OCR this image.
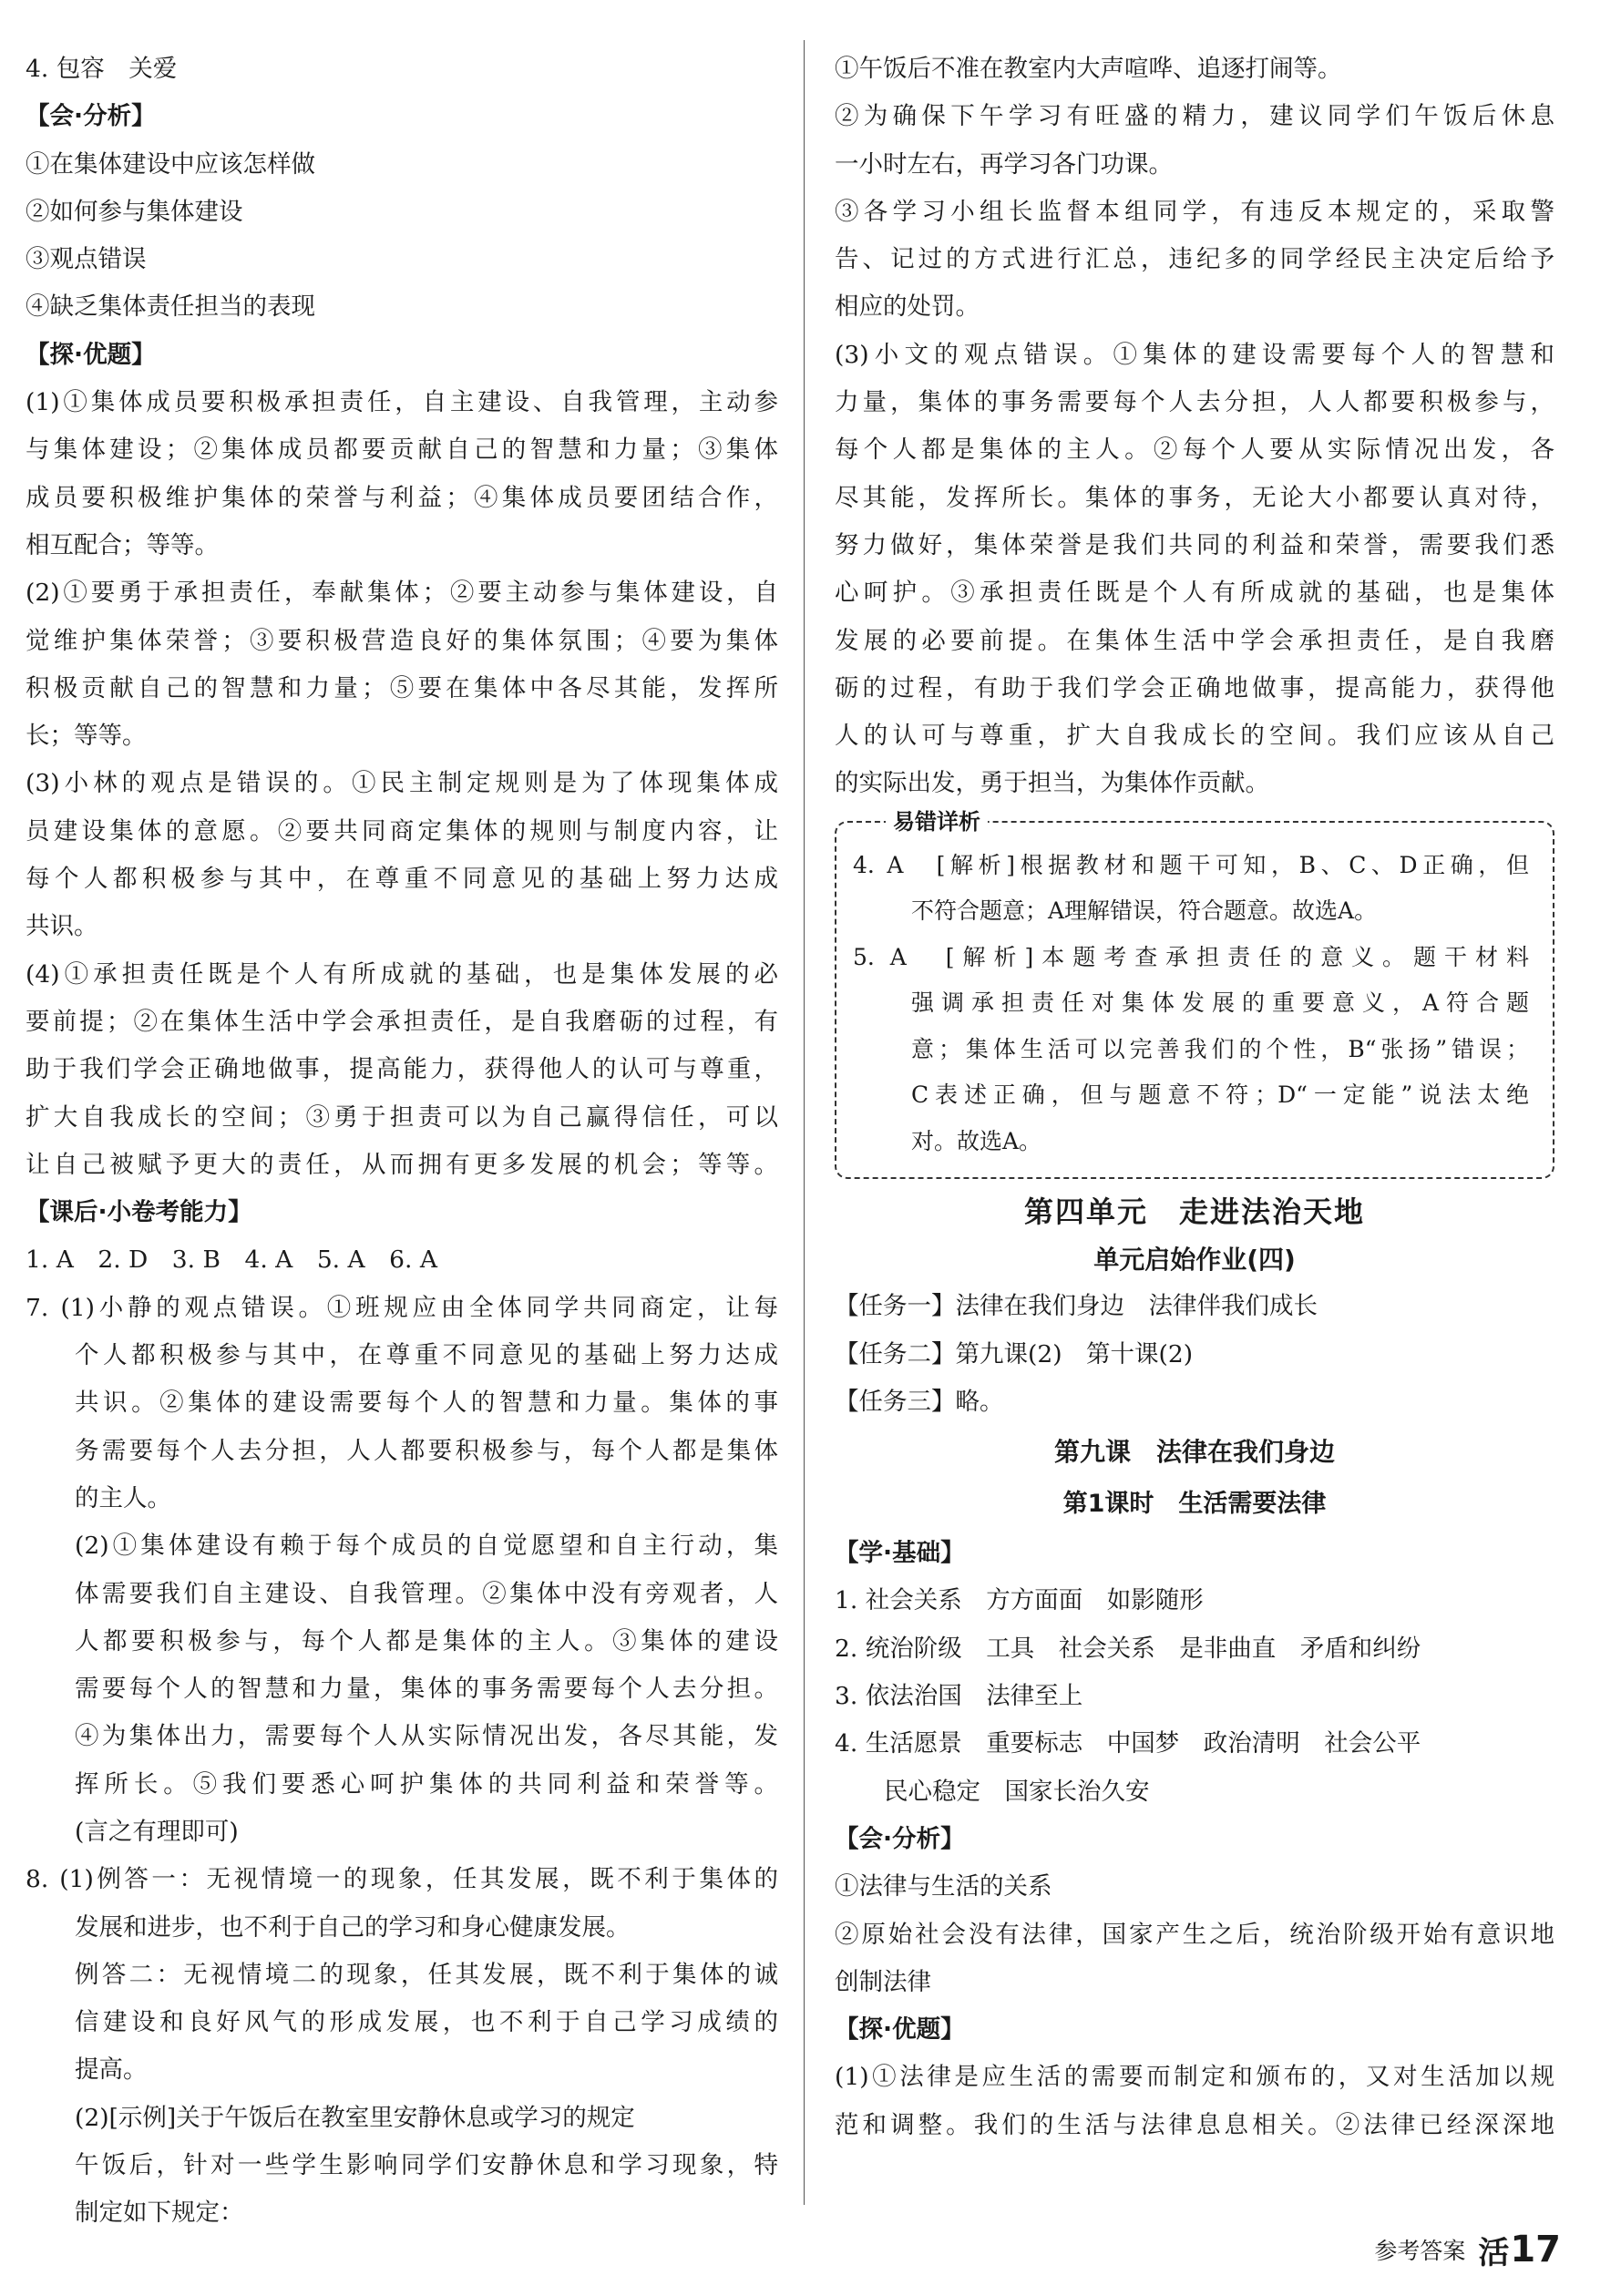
4. 包容　关爱
【会·分析】
①在集体建设中应该怎样做
②如何参与集体建设
③观点错误
④缺乏集体责任担当的表现
【探·优题】
(1)①集体成员要积极承担责任，自主建设、自我管理，主动参
与集体建设；②集体成员都要贡献自己的智慧和力量；③集体
成员要积极维护集体的荣誉与利益；④集体成员要团结合作，
相互配合；等等。
(2)①要勇于承担责任，奉献集体；②要主动参与集体建设，自
觉维护集体荣誉；③要积极营造良好的集体氛围；④要为集体
积极贡献自己的智慧和力量；⑤要在集体中各尽其能，发挥所
长；等等。
(3)小林的观点是错误的。①民主制定规则是为了体现集体成
员建设集体的意愿。②要共同商定集体的规则与制度内容，让
每个人都积极参与其中，在尊重不同意见的基础上努力达成
共识。
(4)①承担责任既是个人有所成就的基础，也是集体发展的必
要前提；②在集体生活中学会承担责任，是自我磨砺的过程，有
助于我们学会正确地做事，提高能力，获得他人的认可与尊重，
扩大自我成长的空间；③勇于担责可以为自己赢得信任，可以
让自己被赋予更大的责任，从而拥有更多发展的机会；等等。
【课后·小卷考能力】
1. A　2. D　3. B　4. A　5. A　6. A
7. (1)小静的观点错误。①班规应由全体同学共同商定，让每
个人都积极参与其中，在尊重不同意见的基础上努力达成
共识。②集体的建设需要每个人的智慧和力量。集体的事
务需要每个人去分担，人人都要积极参与，每个人都是集体
的主人。
(2)①集体建设有赖于每个成员的自觉愿望和自主行动，集
体需要我们自主建设、自我管理。②集体中没有旁观者，人
人都要积极参与，每个人都是集体的主人。③集体的建设
需要每个人的智慧和力量，集体的事务需要每个人去分担。
④为集体出力，需要每个人从实际情况出发，各尽其能，发
挥所长。⑤我们要悉心呵护集体的共同利益和荣誉等。
(言之有理即可)
8. (1)例答一：无视情境一的现象，任其发展，既不利于集体的
发展和进步，也不利于自己的学习和身心健康发展。
例答二：无视情境二的现象，任其发展，既不利于集体的诚
信建设和良好风气的形成发展，也不利于自己学习成绩的
提高。
(2)[示例]关于午饭后在教室里安静休息或学习的规定
午饭后，针对一些学生影响同学们安静休息和学习现象，特
制定如下规定：
①午饭后不准在教室内大声喧哗、追逐打闹等。
②为确保下午学习有旺盛的精力，建议同学们午饭后休息
一小时左右，再学习各门功课。
③各学习小组长监督本组同学，有违反本规定的，采取警
告、记过的方式进行汇总，违纪多的同学经民主决定后给予
相应的处罚。
(3)小文的观点错误。①集体的建设需要每个人的智慧和
力量，集体的事务需要每个人去分担，人人都要积极参与，
每个人都是集体的主人。②每个人要从实际情况出发，各
尽其能，发挥所长。集体的事务，无论大小都要认真对待，
努力做好，集体荣誉是我们共同的利益和荣誉，需要我们悉
心呵护。③承担责任既是个人有所成就的基础，也是集体
发展的必要前提。在集体生活中学会承担责任，是自我磨
砺的过程，有助于我们学会正确地做事，提高能力，获得他
人的认可与尊重，扩大自我成长的空间。我们应该从自己
的实际出发，勇于担当，为集体作贡献。
易错详析
4. A　[解析]根据教材和题干可知，B、C、D正确，但
不符合题意；A理解错误，符合题意。故选A。
5. A　[解析]本题考查承担责任的意义。题干材料
强调承担责任对集体发展的重要意义，A符合题
意；集体生活可以完善我们的个性，B“张扬”错误；
C表述正确，但与题意不符；D“一定能”说法太绝
对。故选A。
第四单元　走进法治天地
单元启始作业(四)
【任务一】法律在我们身边　法律伴我们成长
【任务二】第九课(2)　第十课(2)
【任务三】略。
第九课　法律在我们身边
第1课时　生活需要法律
【学·基础】
1. 社会关系　方方面面　如影随形
2. 统治阶级　工具　社会关系　是非曲直　矛盾和纠纷
3. 依法治国　法律至上
4. 生活愿景　重要标志　中国梦　政治清明　社会公平
民心稳定　国家长治久安
【会·分析】
①法律与生活的关系
②原始社会没有法律，国家产生之后，统治阶级开始有意识地
创制法律
【探·优题】
(1)①法律是应生活的需要而制定和颁布的，又对生活加以规
范和调整。我们的生活与法律息息相关。②法律已经深深地
参考答案 活 17
